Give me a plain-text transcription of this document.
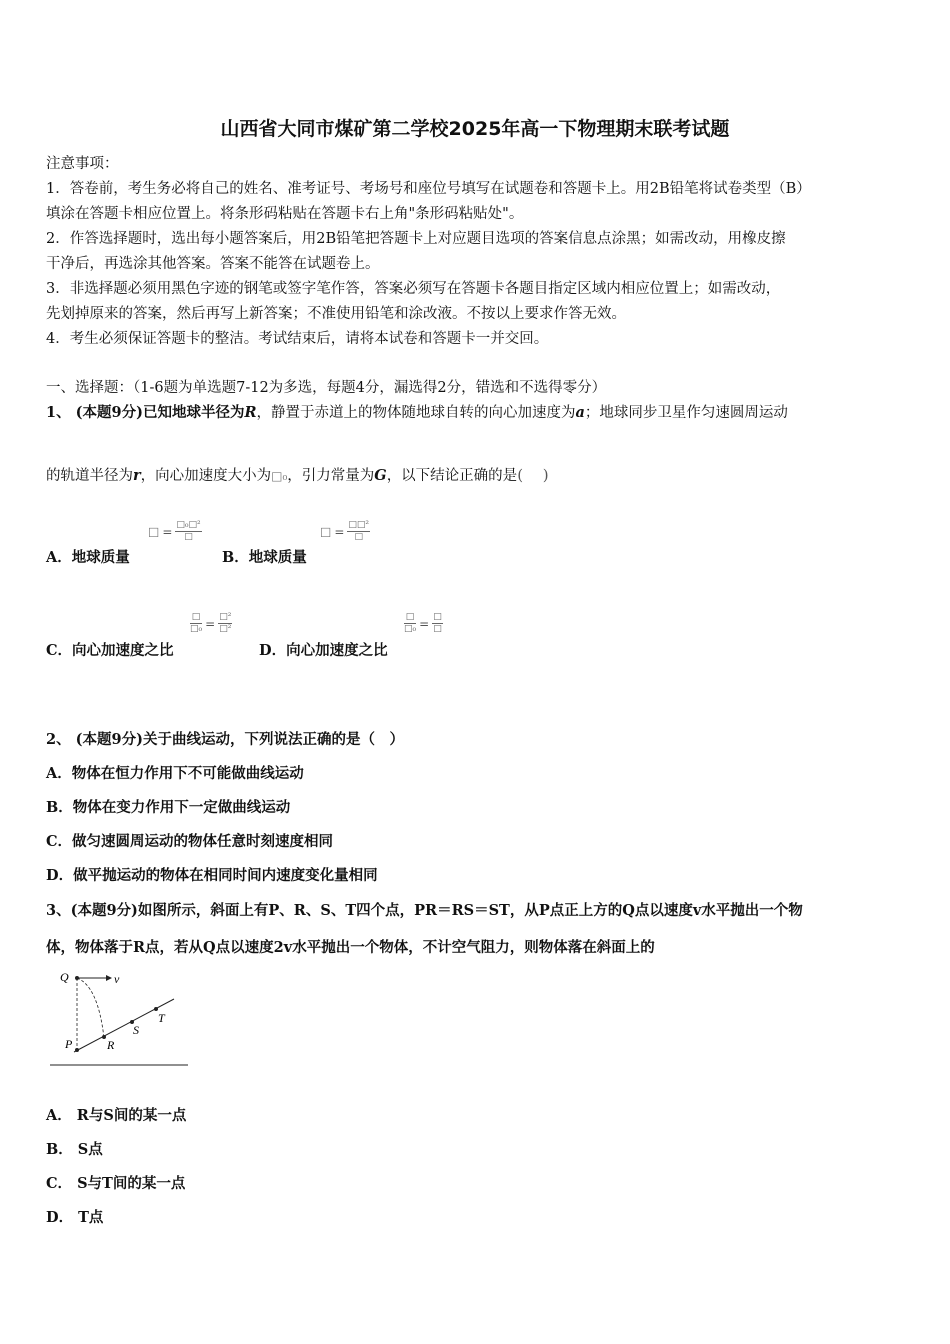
山西省大同市煤矿第二学校2025年高一下物理期末联考试题
注意事项：
1．答卷前，考生务必将自己的姓名、准考证号、考场号和座位号填写在试题卷和答题卡上。用2B铅笔将试卷类型（B）
填涂在答题卡相应位置上。将条形码粘贴在答题卡右上角"条形码粘贴处"。
2．作答选择题时，选出每小题答案后，用2B铅笔把答题卡上对应题目选项的答案信息点涂黑；如需改动，用橡皮擦
干净后，再选涂其他答案。答案不能答在试题卷上。
3．非选择题必须用黑色字迹的钢笔或签字笔作答，答案必须写在答题卡各题目指定区域内相应位置上；如需改动，
先划掉原来的答案，然后再写上新答案；不准使用铅笔和涂改液。不按以上要求作答无效。
4．考生必须保证答题卡的整洁。考试结束后，请将本试卷和答题卡一并交回。
一、选择题：（1-6题为单选题7-12为多选，每题4分，漏选得2分，错选和不选得零分）
1、 (本题9分)已知地球半径为R，静置于赤道上的物体随地球自转的向心加速度为a；地球同步卫星作匀速圆周运动
的轨道半径为r，向心加速度大小为□₀，引力常量为G，以下结论正确的是(　 )
A．地球质量
□ = $\frac{\text{□₀□²}}{□}$
B．地球质量
□ = $\frac{\text{□□²}}{□}$
C．向心加速度之比
$\frac{□}{\text{□₀}} = \frac{\text{□²}}{\text{□²}}$
D．向心加速度之比
$\frac{□}{\text{□₀}} = \frac{□}{□}$
2、 (本题9分)关于曲线运动，下列说法正确的是（　）
A．物体在恒力作用下不可能做曲线运动
B．物体在变力作用下一定做曲线运动
C．做匀速圆周运动的物体任意时刻速度相同
D．做平抛运动的物体在相同时间内速度变化量相同
3、(本题9分)如图所示，斜面上有P、R、S、T四个点，PR＝RS＝ST，从P点正上方的Q点以速度v水平抛出一个物
体，物体落于R点，若从Q点以速度2v水平抛出一个物体，不计空气阻力，则物体落在斜面上的
Q	v
P	R
S
T
A． R与S间的某一点
B． S点
C． S与T间的某一点
D． T点
